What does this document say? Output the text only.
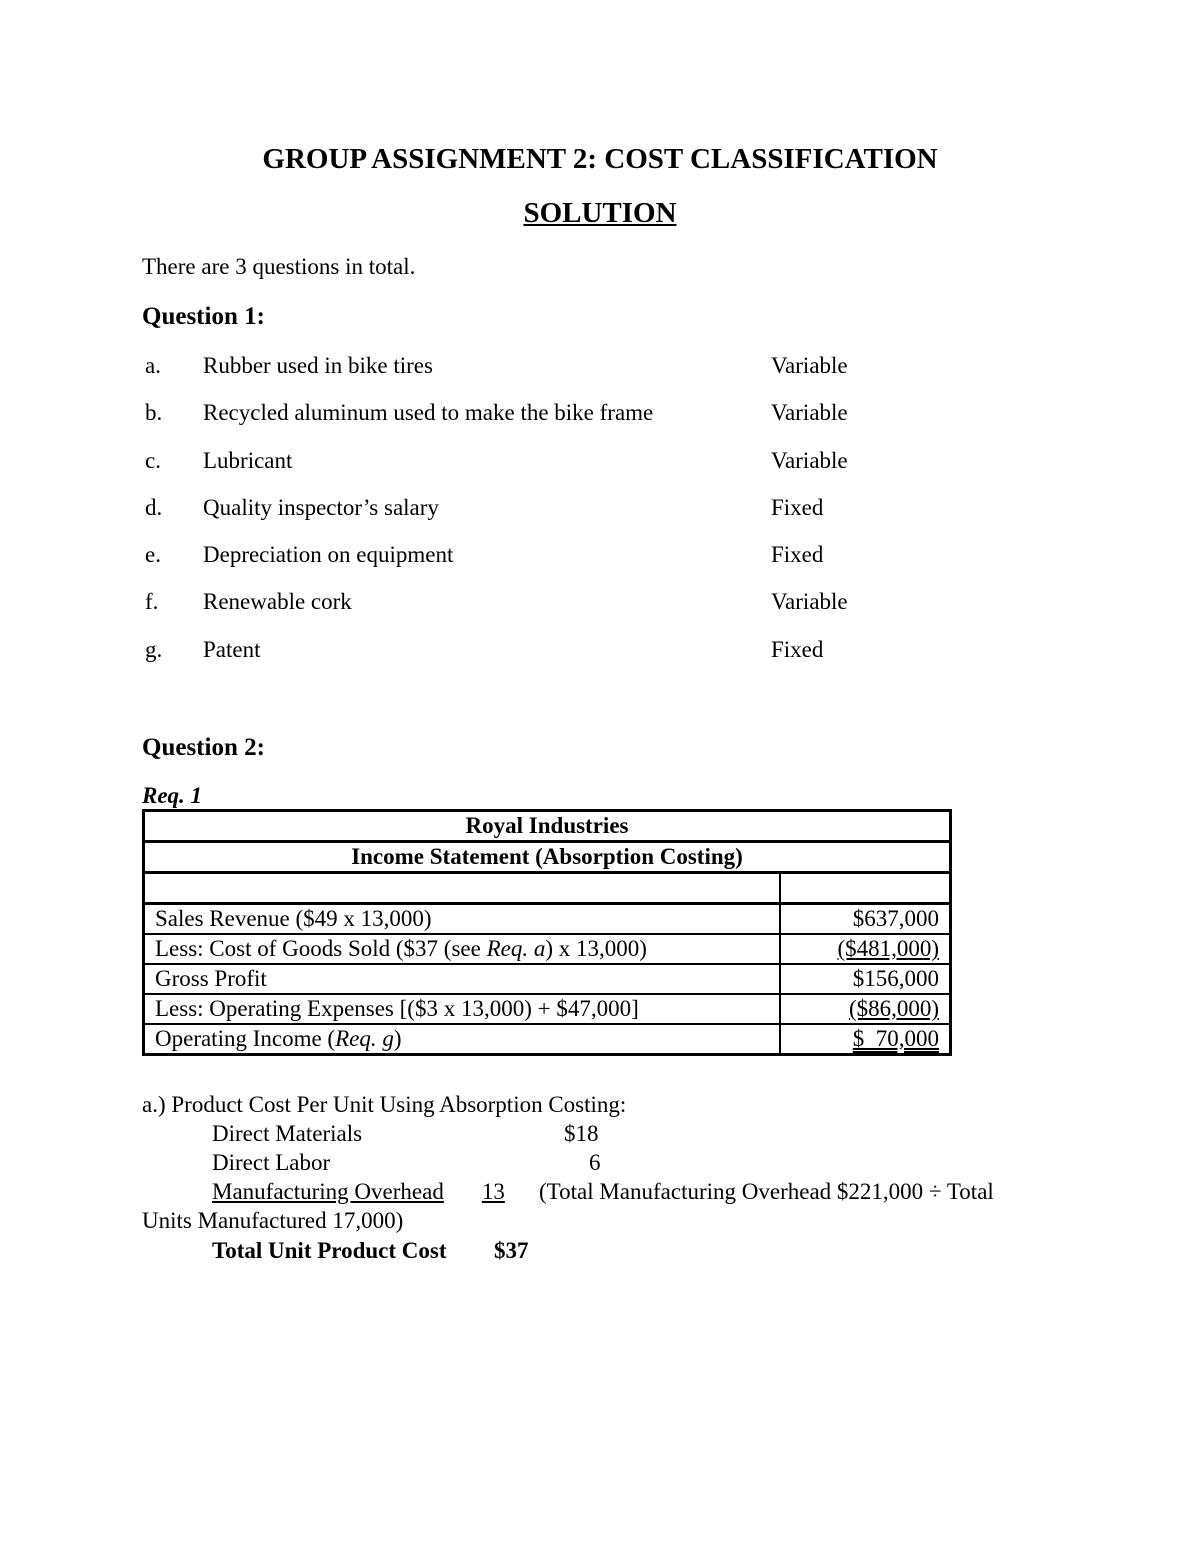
GROUP ASSIGNMENT 2: COST CLASSIFICATION
SOLUTION
There are 3 questions in total.
Question 1:
a. Rubber used in bike tires	Variable
b. Recycled aluminum used to make the bike frame	Variable
c. Lubricant	Variable
d. Quality inspector’s salary	Fixed
e. Depreciation on equipment	Fixed
f. Renewable cork	Variable
g. Patent	Fixed
Question 2:
Req. 1
Royal Industries	
Income Statement (Absorption Costing)	

Sales Revenue ($49 x 13,000)	$637,000
Less: Cost of Goods Sold ($37 (see Req. a) x 13,000)	($481,000)
Gross Profit	$156,000
Less: Operating Expenses [($3 x 13,000) + $47,000]	($86,000)
Operating Income (Req. g)	$  70,000
a.) Product Cost Per Unit Using Absorption Costing:
Direct Materials	$18
Direct Labor	6
Manufacturing Overhead 13 (Total Manufacturing Overhead $221,000 ÷ Total
Units Manufactured 17,000)
Total Unit Product Cost $37
